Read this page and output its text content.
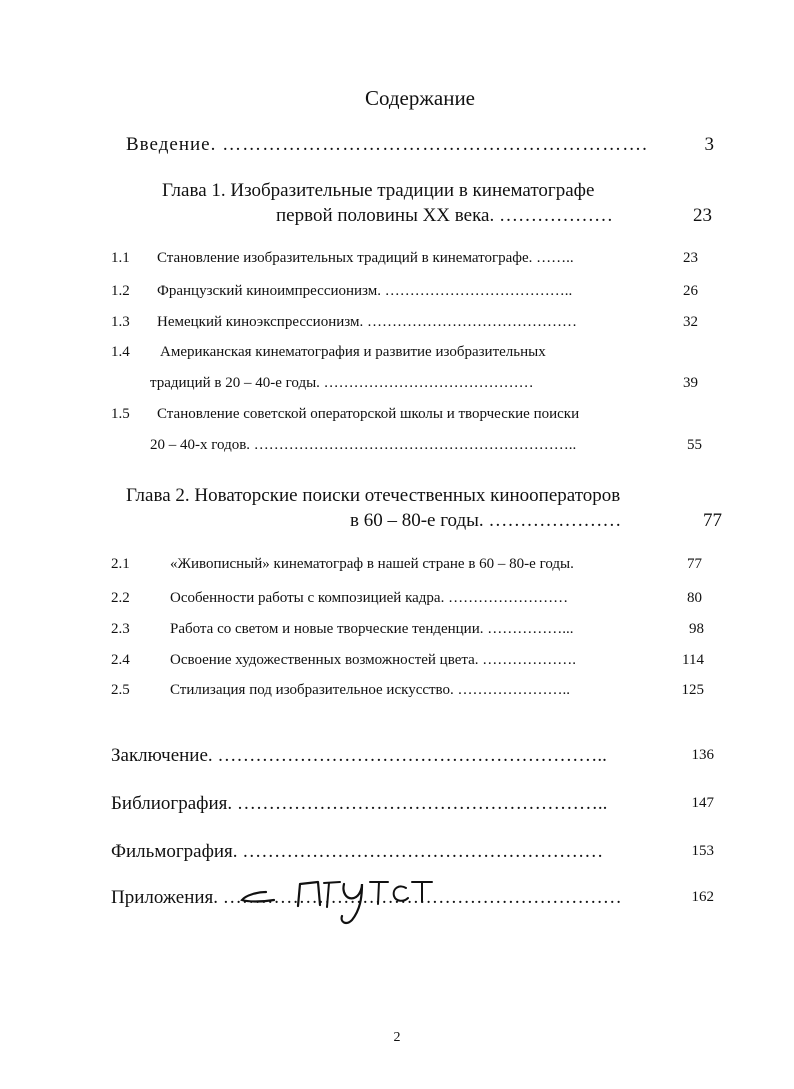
Содержание
Введение. ……………………………………………………….	3
Глава 1. Изобразительные традиции в кинематографе
первой половины XX века. ………………	23
1.1 Становление изобразительных традиций в кинематографе. ……..	23
1.2 Французский киноимпрессионизм. ………………………………..	26
1.3 Немецкий киноэкспрессионизм. ……………………………………	32
1.4 Американская кинематография и развитие изобразительных
традиций в 20 – 40-е годы. ……………………………………	39
1.5 Становление советской операторской школы и творческие поиски
20 – 40-х годов. ………………………………………………………..	55
Глава 2. Новаторские поиски отечественных кинооператоров
в 60 – 80-е годы. …………………	77
2.1	«Живописный» кинематограф в нашей стране в 60 – 80-е годы.	77
2.2	Особенности работы с композицией кадра. ……………………	80
2.3	Работа со светом и новые творческие тенденции. ……………...	98
2.4	Освоение художественных возможностей цвета. ……………….	114
2.5	Стилизация под изобразительное искусство. …………………..	125
Заключение. ……………………………………………………..	136
Библиография. …………………………………………………..	147
Фильмография. …………………………………………………	153
Приложения. ………………………………………………………	162
2
